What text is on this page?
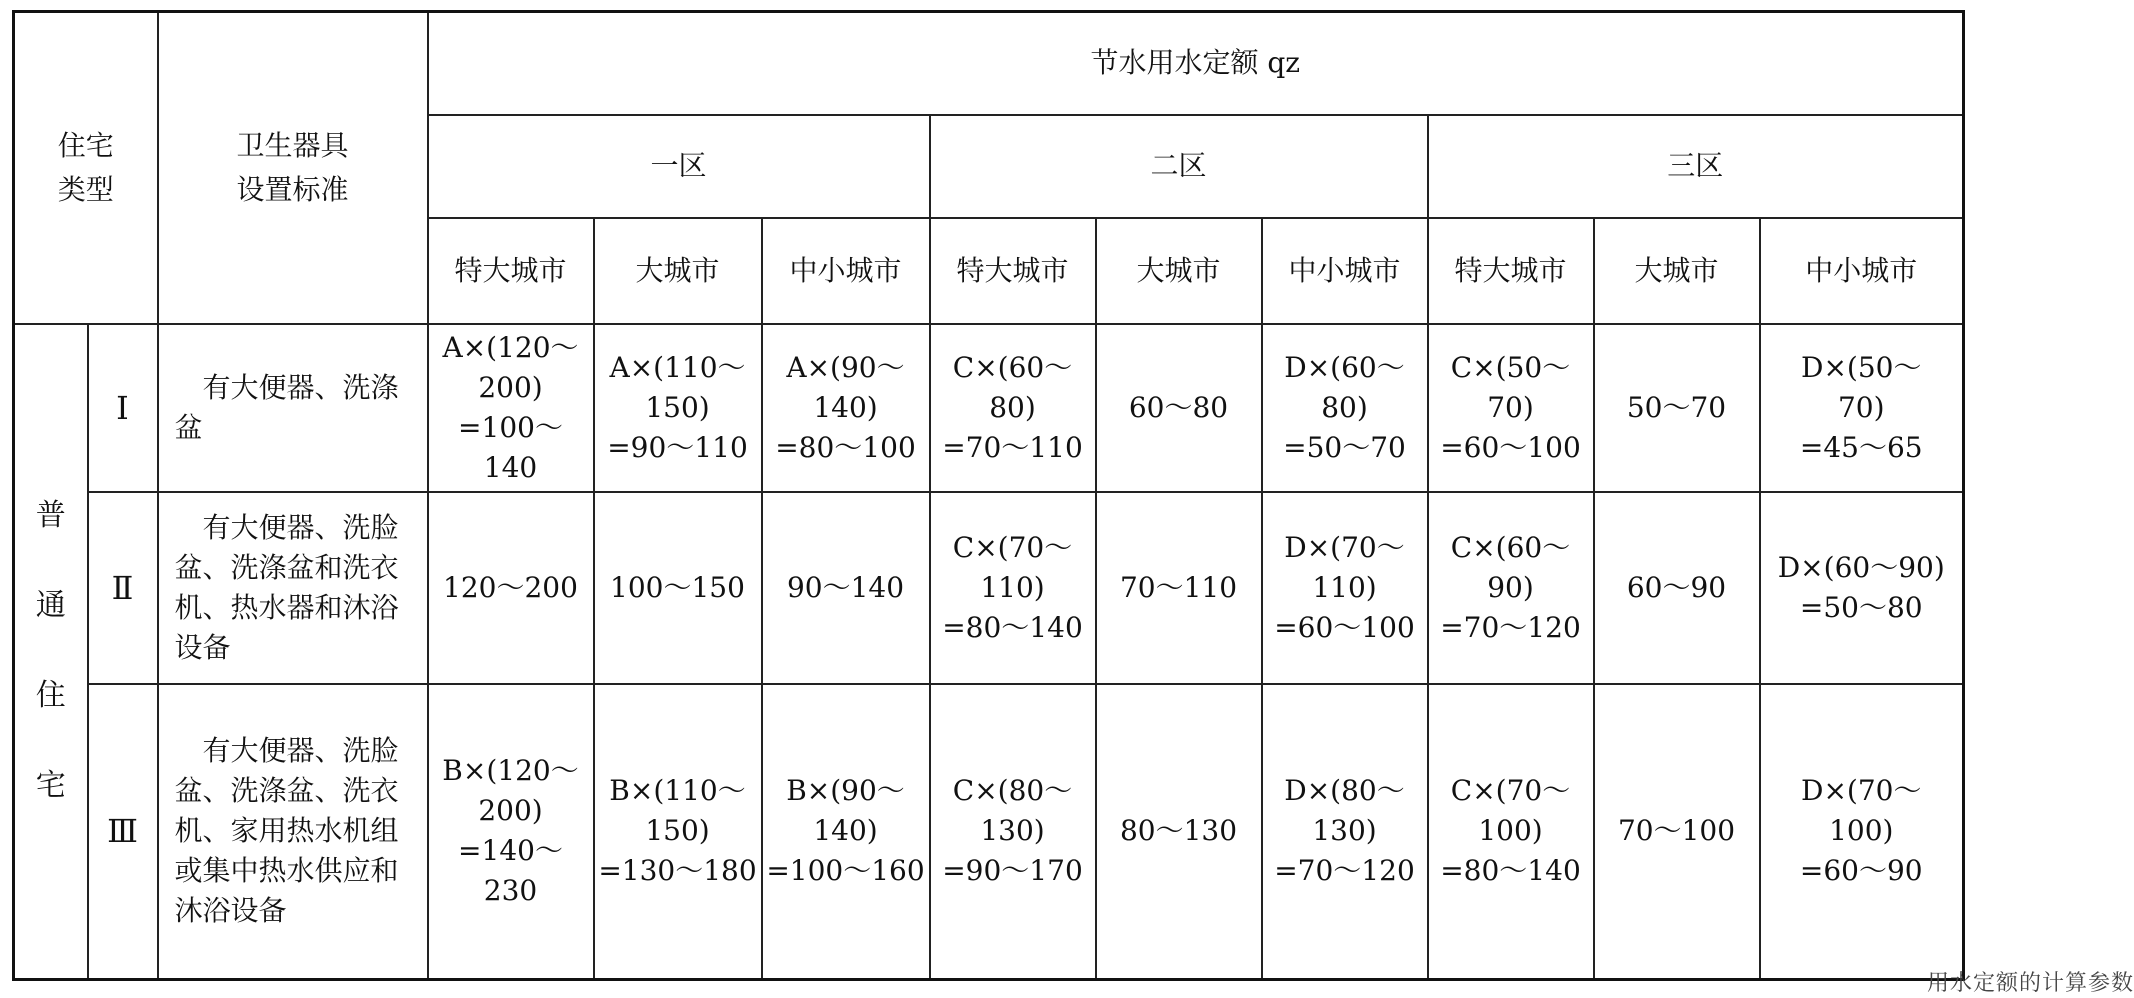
住宅
类型		卫生器具
设置标准	节水用水定额 qz								
			一区			二区			三区		
			特大城市	大城市	中小城市	特大城市	大城市	中小城市	特大城市	大城市	中小城市
普
通
住
宅	Ⅰ	　有大便器、洗涤盆	A×(120～
200)
=100～140	A×(110～
150)
=90～110	A×(90～
140)
=80～100	C×(60～
80)
=70～110	60～80	D×(60～
80)
=50～70	C×(50～
70)
=60～100	50～70	D×(50～
70)
=45～65
	Ⅱ	　有大便器、洗脸盆、洗涤盆和洗衣机、热水器和沐浴设备	120～200	100～150	90～140	C×(70～
110)
=80～140	70～110	D×(70～
110)
=60～100	C×(60～
90)
=70～120	60～90	D×(60～90)
=50～80
	Ⅲ	　有大便器、洗脸盆、洗涤盆、洗衣机、家用热水机组或集中热水供应和沐浴设备	B×(120～
200)
=140～230	B×(110～
150)
=130～180	B×(90～
140)
=100～160	C×(80～
130)
=90～170	80～130	D×(80～
130)
=70～120	C×(70～
100)
=80～140	70～100	D×(70～
100)
=60～90
　　　　　　　　　　　　　　　　　　　用水定额的计算参数
